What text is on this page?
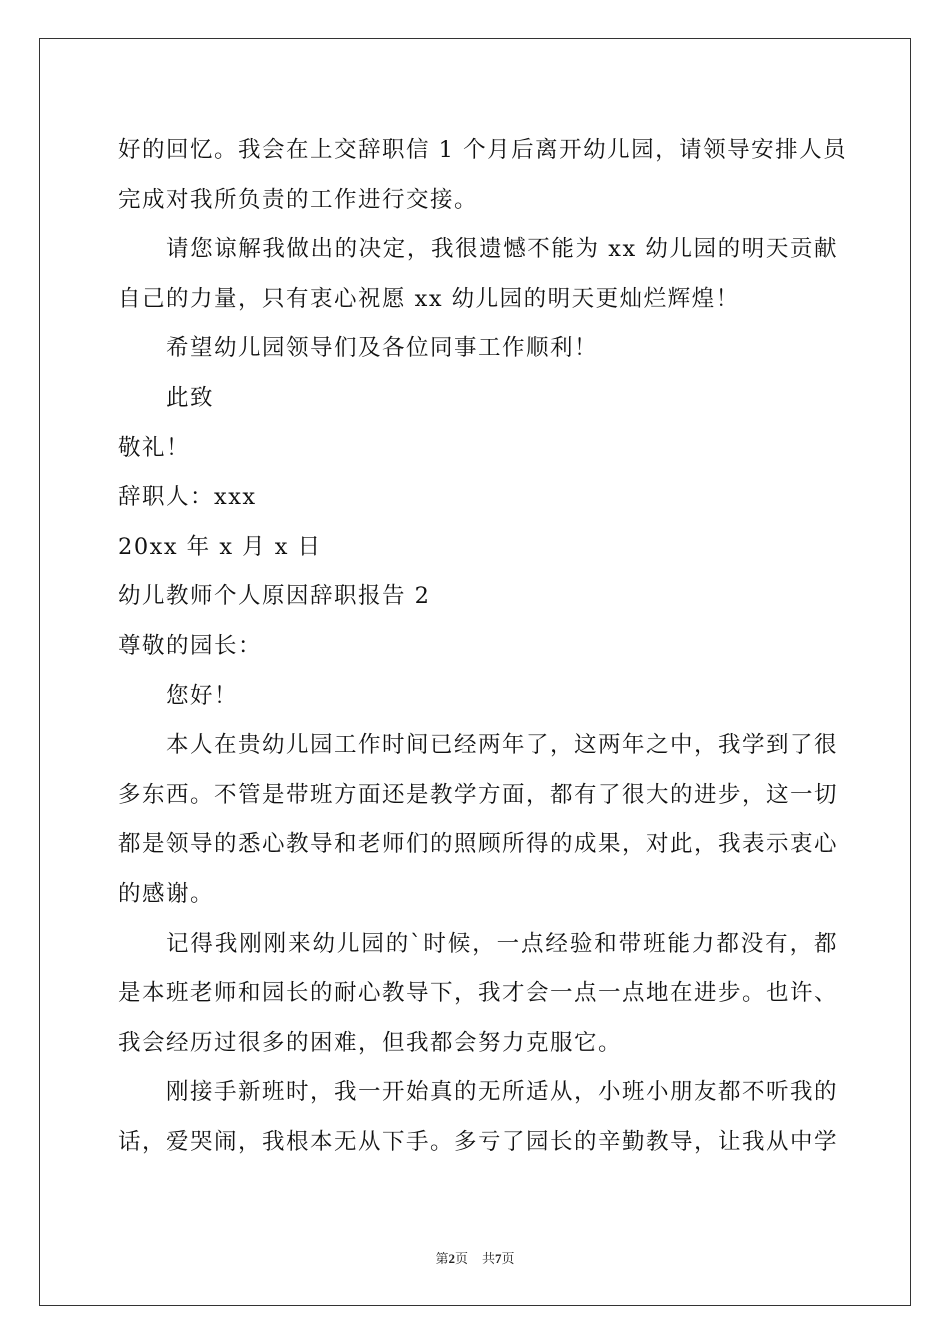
好的回忆。我会在上交辞职信 1 个月后离开幼儿园，请领导安排人员
完成对我所负责的工作进行交接。
请您谅解我做出的决定，我很遗憾不能为 xx 幼儿园的明天贡献
自己的力量，只有衷心祝愿 xx 幼儿园的明天更灿烂辉煌！
希望幼儿园领导们及各位同事工作顺利！
此致
敬礼！
辞职人：xxx
20xx 年 x 月 x 日
幼儿教师个人原因辞职报告 2
尊敬的园长：
您好！
本人在贵幼儿园工作时间已经两年了，这两年之中，我学到了很
多东西。不管是带班方面还是教学方面，都有了很大的进步，这一切
都是领导的悉心教导和老师们的照顾所得的成果，对此，我表示衷心
的感谢。
记得我刚刚来幼儿园的`时候，一点经验和带班能力都没有，都
是本班老师和园长的耐心教导下，我才会一点一点地在进步。也许、
我会经历过很多的困难，但我都会努力克服它。
刚接手新班时，我一开始真的无所适从，小班小朋友都不听我的
话，爱哭闹，我根本无从下手。多亏了园长的辛勤教导，让我从中学
第2页 共7页
